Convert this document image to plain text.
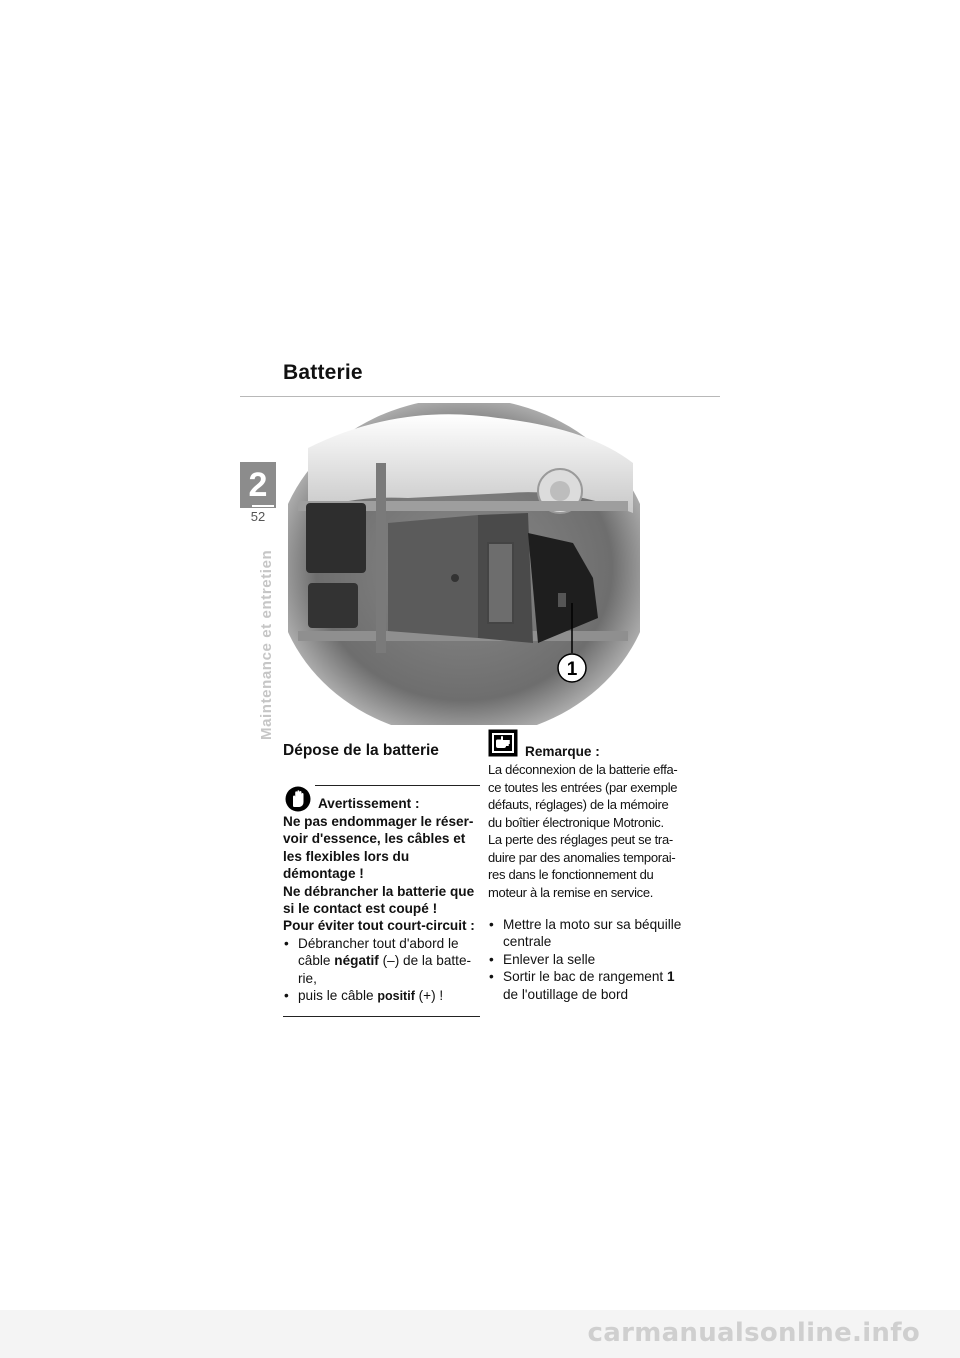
Batterie
2
52
Maintenance et entretien	1
Dépose de la batterie
Avertissement :

Ne pas endommager le réser-

voir d'essence, les câbles et

les flexibles lors du

démontage !

Ne débrancher la batterie que

si le contact est coupé !

Pour éviter tout court-circuit :

• Débrancher tout d'abord le
câble négatif (–) de la batte-
rie,
• puis le câble positif (+) !
Remarque :
La déconnexion de la batterie effa-
ce toutes les entrées (par exemple
défauts, réglages) de la mémoire
du boîtier électronique Motronic.
La perte des réglages peut se tra-
duire par des anomalies temporai-
res dans le fonctionnement du
moteur à la remise en service.
• Mettre la moto sur sa béquille
centrale
• Enlever la selle
• Sortir le bac de rangement 1
de l'outillage de bord
carmanualsonline.info
